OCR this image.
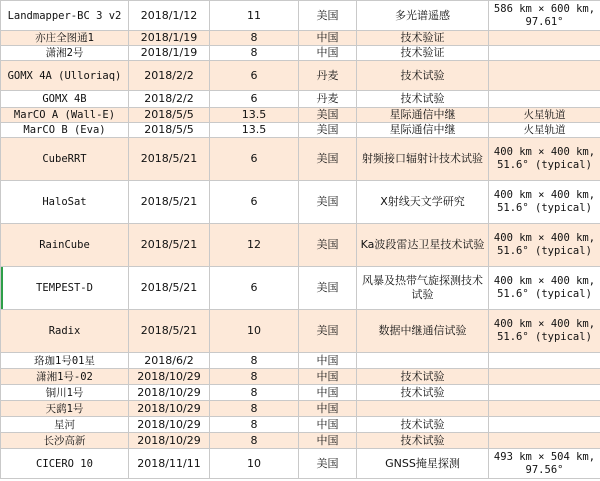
Landmapper-BC 3 v2	2018/1/12	11	美国	多光谱遥感	586 km × 600 km, 97.61°
亦庄全图通1	2018/1/19	8	中国	技术验证	
潇湘2号	2018/1/19	8	中国	技术验证	
GOMX 4A (Ulloriaq)	2018/2/2	6	丹麦	技术试验	
GOMX 4B	2018/2/2	6	丹麦	技术试验	
MarCO A (Wall-E)	2018/5/5	13.5	美国	星际通信中继	火星轨道
MarCO B (Eva)	2018/5/5	13.5	美国	星际通信中继	火星轨道
CubeRRT	2018/5/21	6	美国	射频接口辐射计技术试验	400 km × 400 km, 51.6° (typical)
HaloSat	2018/5/21	6	美国	X射线天文学研究	400 km × 400 km, 51.6° (typical)
RainCube	2018/5/21	12	美国	Ka波段雷达卫星技术试验	400 km × 400 km, 51.6° (typical)
TEMPEST-D	2018/5/21	6	美国	风暴及热带气旋探测技术试验	400 km × 400 km, 51.6° (typical)
Radix	2018/5/21	10	美国	数据中继通信试验	400 km × 400 km, 51.6° (typical)
珞珈1号01星	2018/6/2	8	中国		
潇湘1号-02	2018/10/29	8	中国	技术试验	
铜川1号	2018/10/29	8	中国	技术试验	
天鹞1号	2018/10/29	8	中国		
星河	2018/10/29	8	中国	技术试验	
长沙高新	2018/10/29	8	中国	技术试验	
CICERO 10	2018/11/11	10	美国	GNSS掩星探测	493 km × 504 km, 97.56°
